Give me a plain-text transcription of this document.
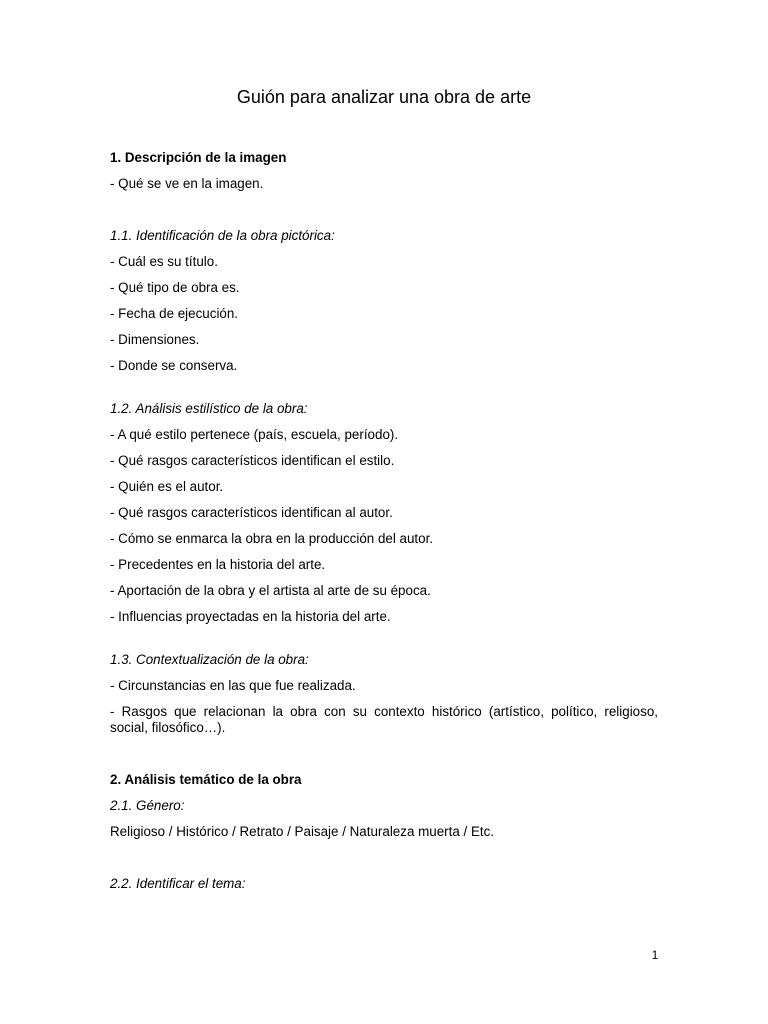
Guión para analizar una obra de arte

1. Descripción de la imagen

- Qué se ve en la imagen.

1.1. Identificación de la obra pictórica:

- Cuál es su título.

- Qué tipo de obra es.

- Fecha de ejecución.

- Dimensiones.

- Donde se conserva.

1.2. Análisis estilístico de la obra:

- A qué estilo pertenece (país, escuela, período).

- Qué rasgos característicos identifican el estilo.

- Quién es el autor.

- Qué rasgos característicos identifican al autor.

- Cómo se enmarca la obra en la producción del autor.

- Precedentes en la historia del arte.

- Aportación de la obra y el artista al arte de su época.

- Influencias proyectadas en la historia del arte.

1.3. Contextualización de la obra:

- Circunstancias en las que fue realizada.

- Rasgos que relacionan la obra con su contexto histórico (artístico, político, religioso, social, filosófico…).

2. Análisis temático de la obra

2.1. Género:

Religioso / Histórico / Retrato / Paisaje / Naturaleza muerta / Etc.

2.2. Identificar el tema:

1
